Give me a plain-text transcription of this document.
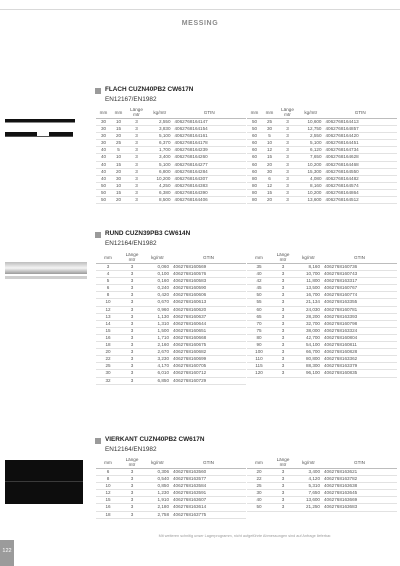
MESSING
FLACH CUZN40PB2 CW617N
EN12167/EN1982
mm	mm	Länge
mtr	kg/mtr	GTIN
30	10	3	2,550	4062768164147
30	15	3	3,830	4062768164154
30	20	3	5,100	4062768164161
30	25	3	6,370	4062768164178
40	5	3	1,700	4062768164239
40	10	3	3,400	4062768164260
40	15	3	5,100	4062768164277
40	20	3	6,800	4062768164284
40	30	3	10,200	4062768164307
50	10	3	4,250	4062768164383
50	15	3	6,380	4062768164390
50	20	3	8,500	4062768164406
mm	mm	Länge
mtr	kg/mtr	GTIN
50	25	3	10,600	4062768164413
50	30	3	12,750	4062768164857
60	5	3	2,550	4062768164420
60	10	3	5,100	4062768164451
60	12	3	6,120	4062768164734
60	15	3	7,650	4062768164628
60	20	3	10,200	4062768164468
60	30	3	15,300	4062768164550
80	6	3	4,080	4062768164482
80	12	3	8,160	4062768164574
80	15	3	10,200	4062768164864
80	20	3	13,600	4062768164512
RUND CUZN39PB3 CW614N
EN12164/EN1982
mm	Länge
mtr	kg/mtr	GTIN
3	3	0,060	4062768160569
4	3	0,100	4062768160576
5	3	0,160	4062768160583
6	3	0,240	4062768160590
8	3	0,420	4062768160606
10	3	0,670	4062768160613
12	3	0,960	4062768160620
13	3	1,130	4062768160637
14	3	1,310	4062768160644
15	3	1,500	4062768160651
16	3	1,710	4062768160668
18	3	2,160	4062768160675
20	3	2,670	4062768160682
22	3	3,230	4062768160699
25	3	4,170	4062768160705
30	3	6,010	4062768160712
32	3	6,850	4062768160729
mm	Länge
mtr	kg/mtr	GTIN
35	3	8,160	4062768160736
40	3	10,700	4062768160743
42	3	11,800	4062768163317
45	3	13,500	4062768160767
50	3	16,700	4062768160774
55	3	21,134	4062768163355
60	3	24,030	4062768160781
65	3	28,200	4062768163393
70	3	32,700	4062768160798
75	3	38,000	4062768163324
80	3	42,700	4062768160804
90	3	54,100	4062768160811
100	3	66,700	4062768160828
110	3	80,800	4062768163362
115	3	88,300	4062768163379
120	3	96,100	4062768160835
VIERKANT CUZN40PB2 CW617N
EN12164/EN1982
mm	Länge
mtr	kg/mtr	GTIN
6	3	0,306	4062768163560
8	3	0,540	4062768163577
10	3	0,850	4062768163584
12	3	1,230	4062768163591
15	3	1,910	4062768163607
16	3	2,180	4062768163614
18	3	2,758	4062768163775
mm	Länge
mtr	kg/mtr	GTIN
20	3	3,400	4062768163621
22	3	4,120	4062768163782
25	3	5,310	4062768163638
30	3	7,650	4062768163645
40	3	13,600	4062768163669
50	3	21,250	4062768163683
Mit weiteren schnitig unser Lagerprogramm, nicht aufgeführte Abmessungen sind auf Anfrage lieferbar.
122
